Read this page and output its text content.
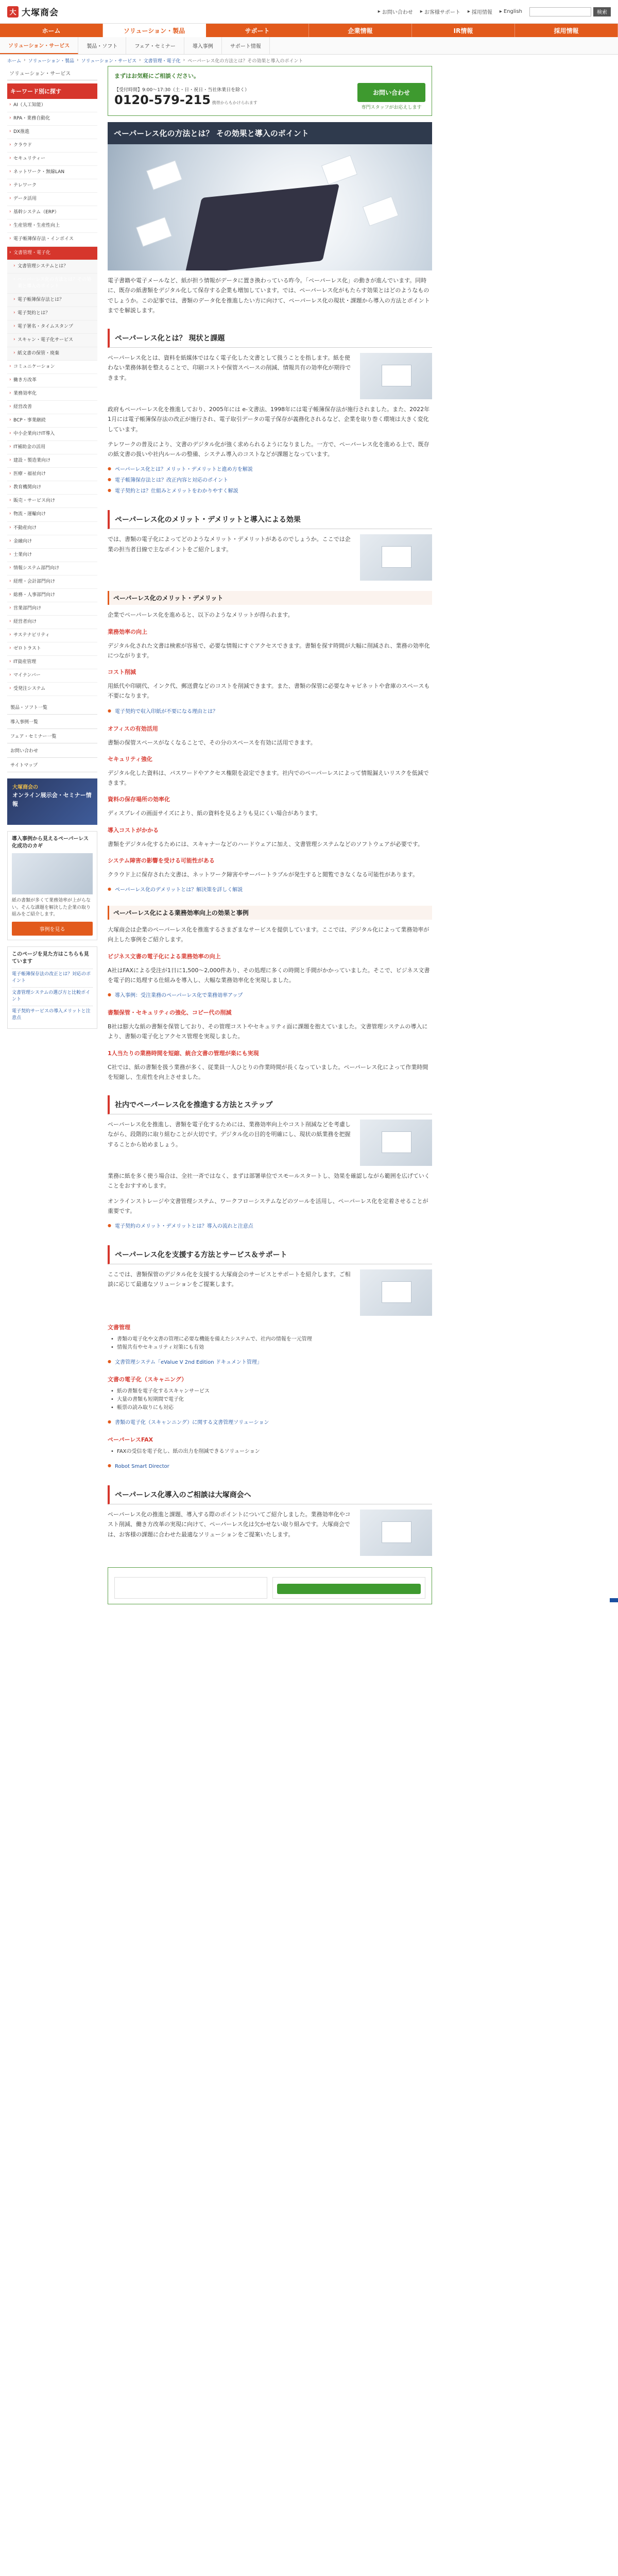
大 大塚商会	▸ お問い合わせ ▸ お客様サポート ▸ 採用情報 ▸ English	検索
ホーム	ソリューション・製品	サポート	企業情報	IR情報	採用情報
ソリューション・サービス	製品・ソフト	フェア・セミナー	導入事例	サポート情報
ホーム › ソリューション・製品 › ソリューション・サービス › 文書管理・電子化 › ペーパーレス化の方法とは？その効果と導入のポイント
ソリューション・サービス
キーワード別に探す
› AI（人工知能）
› RPA・業務自動化
› DX推進
› クラウド
› セキュリティー
› ネットワーク・無線LAN
› テレワーク
› データ活用
› 基幹システム（ERP）
› 生産管理・生産性向上
› 電子帳簿保存法・インボイス
› 文書管理・電子化
› 文書管理システムとは？
› ペーパーレス化の方法とは？その効果と導入のポイント
› 電子帳簿保存法とは？
› 電子契約とは？
› 電子署名・タイムスタンプ
› スキャン・電子化サービス
› 紙文書の保管・廃棄
› コミュニケーション
› 働き方改革
› 業務効率化
› 経営改善
› BCP・事業継続
› 中小企業向けIT導入
› IT補助金の活用
› 建設・製造業向け
› 医療・福祉向け
› 教育機関向け
› 販売・サービス向け
› 物流・運輸向け
› 不動産向け
› 金融向け
› 士業向け
› 情報システム部門向け
› 経理・会計部門向け
› 総務・人事部門向け
› 営業部門向け
› 経営者向け
› サステナビリティ
› ゼロトラスト
› IT資産管理
› マイナンバー
› 受発注システム
製品・ソフト一覧
導入事例一覧
フェア・セミナー一覧
お問い合わせ
サイトマップ
大塚商会の
オンライン展示会・セミナー情報
導入事例から見えるペーパーレス化成功のカギ

紙の書類が多くて業務効率が上がらない。そんな課題を解決した企業の取り組みをご紹介します。

事例を見る
このページを見た方はこちらも見ています
電子帳簿保存法の改正とは？対応のポイント
文書管理システムの選び方と比較ポイント
電子契約サービスの導入メリットと注意点
まずはお気軽にご相談ください。
【受付時間】9:00〜17:30（土・日・祝日・当社休業日を除く）
0120-579-215 携帯からもかけられます
お問い合わせ
専門スタッフがお応えします
ペーパーレス化の方法とは？ その効果と導入のポイント

電子書籍や電子メールなど、紙が担う情報がデータに置き換わっている昨今。「ペーパーレス化」の動きが進んでいます。同時に、既存の紙書類をデジタル化して保存する企業も増加しています。では、ペーパーレス化がもたらす効果とはどのようなものでしょうか。この記事では、書類のデータ化を推進したい方に向けて、ペーパーレス化の現状・課題から導入の方法とポイントまでを解説します。

ペーパーレス化とは？ 現状と課題

ペーパーレス化とは、資料を紙媒体ではなく電子化した文書として扱うことを指します。紙を使わない業務体制を整えることで、印刷コストや保管スペースの削減、情報共有の効率化が期待できます。

政府もペーパーレス化を推進しており、2005年には e-文書法、1998年には電子帳簿保存法が施行されました。また、2022年1月には電子帳簿保存法の改正が施行され、電子取引データの電子保存が義務化されるなど、企業を取り巻く環境は大きく変化しています。

テレワークの普及により、文書のデジタル化が強く求められるようになりました。一方で、ペーパーレス化を進める上で、既存の紙文書の扱いや社内ルールの整備、システム導入のコストなどが課題となっています。

● ペーパーレス化とは？メリット・デメリットと進め方を解説
● 電子帳簿保存法とは？改正内容と対応のポイント
● 電子契約とは？仕組みとメリットをわかりやすく解説
ペーパーレス化のメリット・デメリットと導入による効果

では、書類の電子化によってどのようなメリット・デメリットがあるのでしょうか。ここでは企業の担当者目線で主なポイントをご紹介します。

ペーパーレス化のメリット・デメリット

企業でペーパーレス化を進めると、以下のようなメリットが得られます。

業務効率の向上

デジタル化された文書は検索が容易で、必要な情報にすぐアクセスできます。書類を探す時間が大幅に削減され、業務の効率化につながります。

コスト削減

用紙代や印刷代、インク代、郵送費などのコストを削減できます。また、書類の保管に必要なキャビネットや倉庫のスペースも不要になります。

● 電子契約で収入印紙が不要になる理由とは？
オフィスの有効活用

書類の保管スペースがなくなることで、その分のスペースを有効に活用できます。

セキュリティ強化

デジタル化した資料は、パスワードやアクセス権限を設定できます。社内でのペーパーレスによって情報漏えいリスクを低減できます。

資料の保存場所の効率化

ディスプレイの画面サイズにより、紙の資料を見るよりも見にくい場合があります。

導入コストがかかる

書類をデジタル化するためには、スキャナーなどのハードウェアに加え、文書管理システムなどのソフトウェアが必要です。

システム障害の影響を受ける可能性がある

クラウド上に保存された文書は、ネットワーク障害やサーバートラブルが発生すると閲覧できなくなる可能性があります。

● ペーパーレス化のデメリットとは？解決策を詳しく解説
ペーパーレス化による業務効率向上の効果と事例

大塚商会は企業のペーパーレス化を推進するさまざまなサービスを提供しています。ここでは、デジタル化によって業務効率が向上した事例をご紹介します。

ビジネス文書の電子化による業務効率の向上

A社はFAXによる受注が1日に1,500〜2,000件あり、その処理に多くの時間と手間がかかっていました。そこで、ビジネス文書を電子的に処理する仕組みを導入し、大幅な業務効率化を実現しました。

● 導入事例：受注業務のペーパーレス化で業務効率アップ
書類保管・セキュリティの強化、コピー代の削減

B社は膨大な紙の書類を保管しており、その管理コストやセキュリティ面に課題を抱えていました。文書管理システムの導入により、書類の電子化とアクセス管理を実現しました。

1人当たりの業務時間を短縮、統合文書の管理が楽にも実現

C社では、紙の書類を扱う業務が多く、従業員一人ひとりの作業時間が長くなっていました。ペーパーレス化によって作業時間を短縮し、生産性を向上させました。

社内でペーパーレス化を推進する方法とステップ

ペーパーレス化を推進し、書類を電子化するためには、業務効率向上やコスト削減などを考慮しながら、段階的に取り組むことが大切です。デジタル化の目的を明確にし、現状の紙業務を把握することから始めましょう。

業務に紙を多く使う場合は、全社一斉ではなく、まずは部署単位でスモールスタートし、効果を確認しながら範囲を広げていくことをおすすめします。

オンラインストレージや文書管理システム、ワークフローシステムなどのツールを活用し、ペーパーレス化を定着させることが重要です。

● 電子契約のメリット・デメリットとは？導入の流れと注意点
ペーパーレス化を支援する方法とサービス＆サポート

ここでは、書類保管のデジタル化を支援する大塚商会のサービスとサポートを紹介します。ご相談に応じて最適なソリューションをご提案します。

文書管理
• 書類の電子化や文書の管理に必要な機能を備えたシステムで、社内の情報を一元管理
• 情報共有やセキュリティ対策にも有効
● 文書管理システム「eValue V 2nd Edition ドキュメント管理」
文書の電子化（スキャニング）
• 紙の書類を電子化するスキャンサービス
• 大量の書類も短期間で電子化
• 帳票の読み取りにも対応
● 書類の電子化（スキャンニング）に関する文書管理ソリューション
ペーパーレスFAX
• FAXの受信を電子化し、紙の出力を削減できるソリューション
● Robot Smart Director
ペーパーレス化導入のご相談は大塚商会へ

ペーパーレス化の推進と課題、導入する際のポイントについてご紹介しました。業務効率化やコスト削減、働き方改革の実現に向けて、ペーパーレス化は欠かせない取り組みです。大塚商会では、お客様の課題に合わせた最適なソリューションをご提案いたします。
